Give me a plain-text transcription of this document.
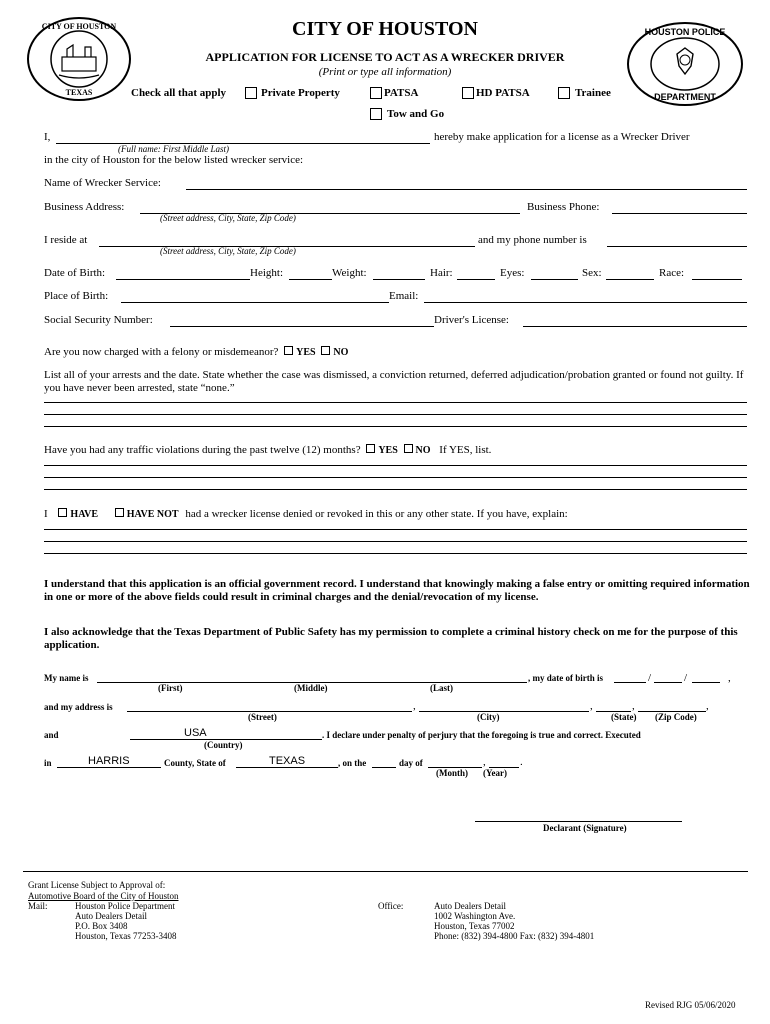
CITY OF HOUSTON
TEXAS
HOUSTON POLICE
DEPARTMENT
CITY OF HOUSTON
APPLICATION FOR LICENSE TO ACT AS A WRECKER DRIVER
(Print or type all information)
Check all that apply	Private Property	PATSA	HD PATSA	Trainee
Tow and Go
I,	hereby make application for a license as a Wrecker Driver
(Full name: First Middle Last)
in the city of Houston for the below listed wrecker service:
Name of Wrecker Service:
Business Address:	Business Phone:
(Street address, City, State, Zip Code)
I reside at	and my phone number is
(Street address, City, State, Zip Code)
Date of Birth:	Height:	Weight:	Hair:	Eyes:	Sex:	Race:
Place of Birth:	Email:
Social Security Number:	Driver's License:
Are you now charged with a felony or misdemeanor? YES NO
List all of your arrests and the date. State whether the case was dismissed, a conviction returned, deferred adjudication/probation granted or found not guilty. If you have never been arrested, state “none.”
Have you had any traffic violations during the past twelve (12) months? YES NO If YES, list.
I HAVE	HAVE NOT had a wrecker license denied or revoked in this or any other state. If you have, explain:
I understand that this application is an official government record. I understand that knowingly making a false entry or omitting required information in one or more of the above fields could result in criminal charges and the denial/revocation of my license.
I also acknowledge that the Texas Department of Public Safety has my permission to complete a criminal history check on me for the purpose of this application.
My name is	, my date of birth is	/	/	,
(First)	(Middle)	(Last)
and my address is	,	,	,	,
(Street)	(City)	(State) (Zip Code)
and	USA	. I declare under penalty of perjury that the foregoing is true and correct. Executed
(Country)
in	HARRIS	County, State of	TEXAS	, on the	day of	,	.
(Month) (Year)
Declarant (Signature)
Grant License Subject to Approval of:
Automotive Board of the City of Houston
Mail:	Houston Police Department
Auto Dealers Detail
P.O. Box 3408
Houston, Texas 77253-3408
Office:	Auto Dealers Detail
1002 Washington Ave.
Houston, Texas 77002
Phone: (832) 394-4800 Fax: (832) 394-4801
Revised RJG 05/06/2020
